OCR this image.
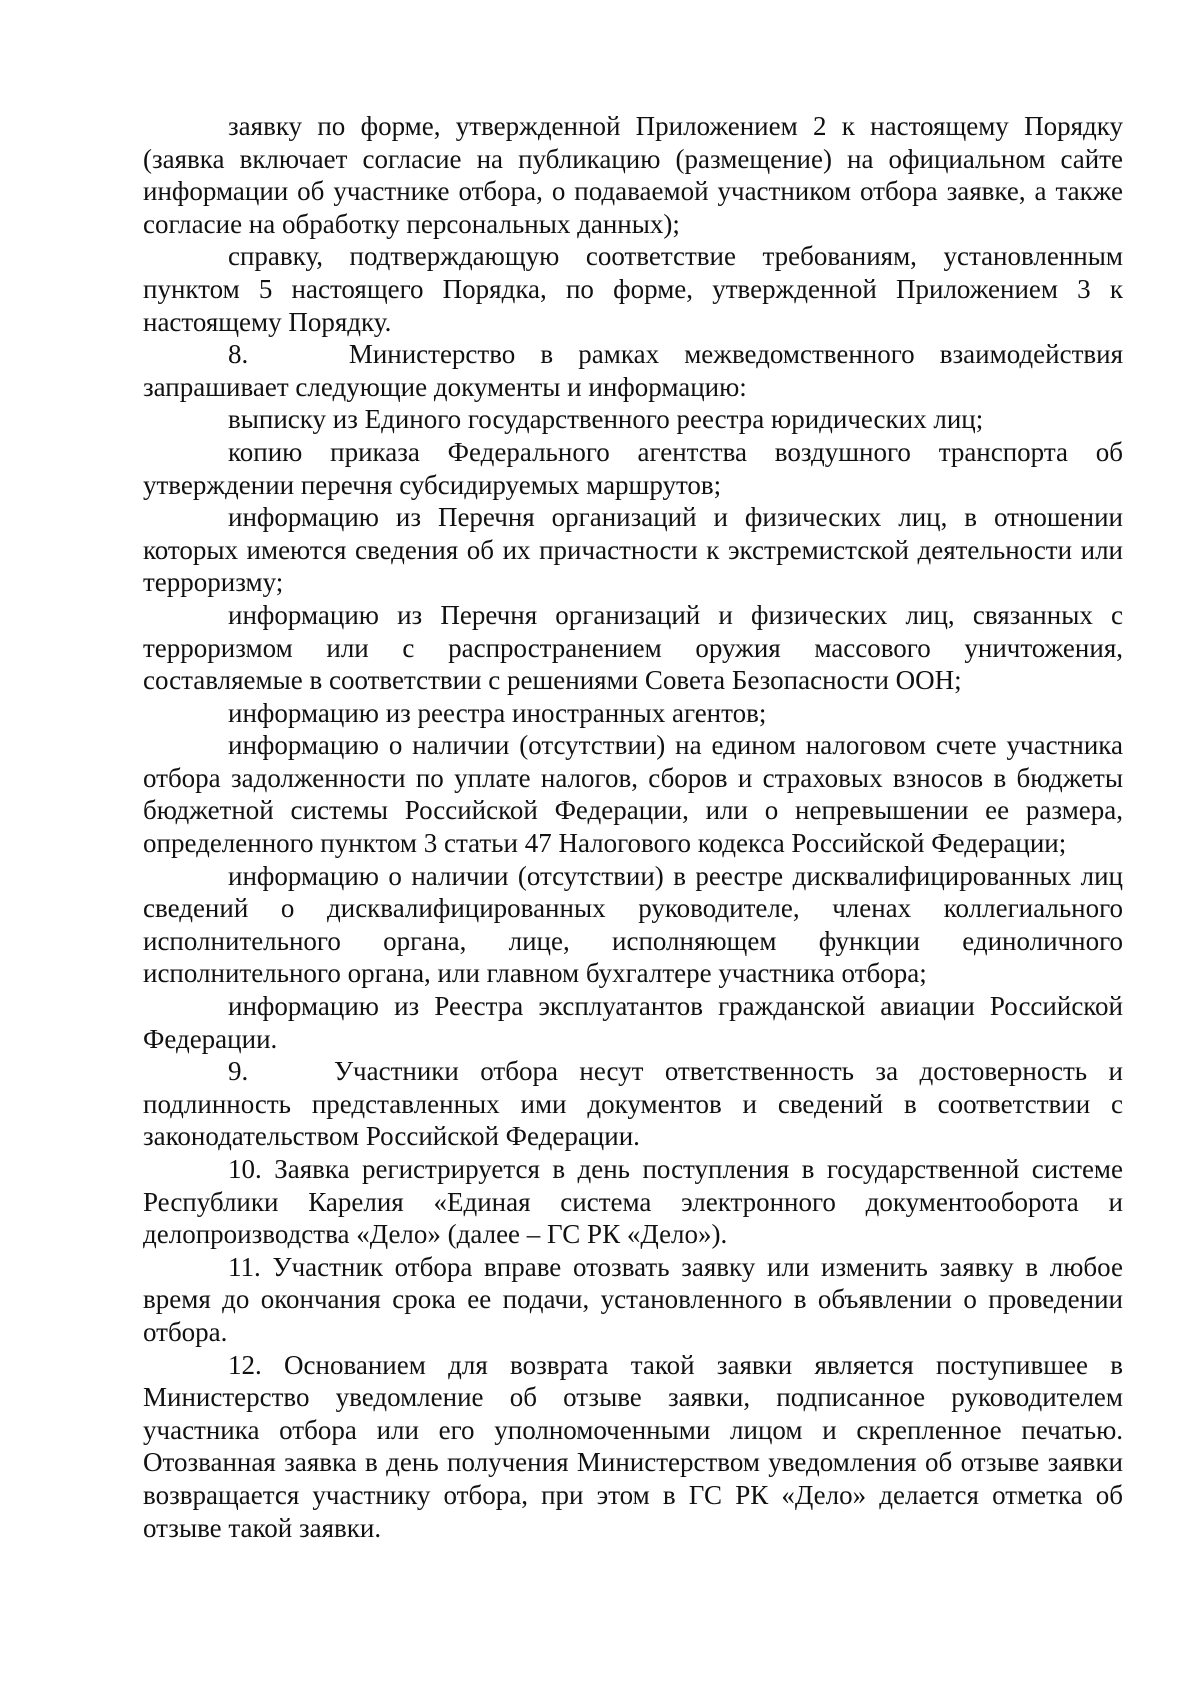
заявку по форме, утвержденной Приложением 2 к настоящему Порядку (заявка включает согласие на публикацию (размещение) на официальном сайте информации об участнике отбора, о подаваемой участником отбора заявке, а также согласие на обработку персональных данных);

справку, подтверждающую соответствие требованиям, установленным пунктом 5 настоящего Порядка, по форме, утвержденной Приложением 3 к настоящему Порядку.

8.    Министерство в рамках межведомственного взаимодействия запрашивает следующие документы и информацию:

выписку из Единого государственного реестра юридических лиц;

копию приказа Федерального агентства воздушного транспорта об утверждении перечня субсидируемых маршрутов;

информацию из Перечня организаций и физических лиц, в отношении которых имеются сведения об их причастности к экстремистской деятельности или терроризму;

информацию из Перечня организаций и физических лиц, связанных с терроризмом или с распространением оружия массового уничтожения, составляемые в соответствии с решениями Совета Безопасности ООН;

информацию из реестра иностранных агентов;

информацию о наличии (отсутствии) на едином налоговом счете участника отбора задолженности по уплате налогов, сборов и страховых взносов в бюджеты бюджетной системы Российской Федерации, или о непревышении ее размера, определенного пунктом 3 статьи 47 Налогового кодекса Российской Федерации;

информацию о наличии (отсутствии) в реестре дисквалифицированных лиц сведений о дисквалифицированных руководителе, членах коллегиального исполнительного органа, лице, исполняющем функции единоличного исполнительного органа, или главном бухгалтере участника отбора;

информацию из Реестра эксплуатантов гражданской авиации Российской Федерации.

9.    Участники отбора несут ответственность за достоверность и подлинность представленных ими документов и сведений в соответствии с законодательством Российской Федерации.

10. Заявка регистрируется в день поступления в государственной системе Республики Карелия «Единая система электронного документооборота и делопроизводства «Дело» (далее – ГС РК «Дело»).

11. Участник отбора вправе отозвать заявку или изменить заявку в любое время до окончания срока ее подачи, установленного в объявлении о проведении отбора.

12. Основанием для возврата такой заявки является поступившее в Министерство уведомление об отзыве заявки, подписанное руководителем участника отбора или его уполномоченными лицом и скрепленное печатью. Отозванная заявка в день получения Министерством уведомления об отзыве заявки возвращается участнику отбора, при этом в ГС РК «Дело» делается отметка об отзыве такой заявки.
